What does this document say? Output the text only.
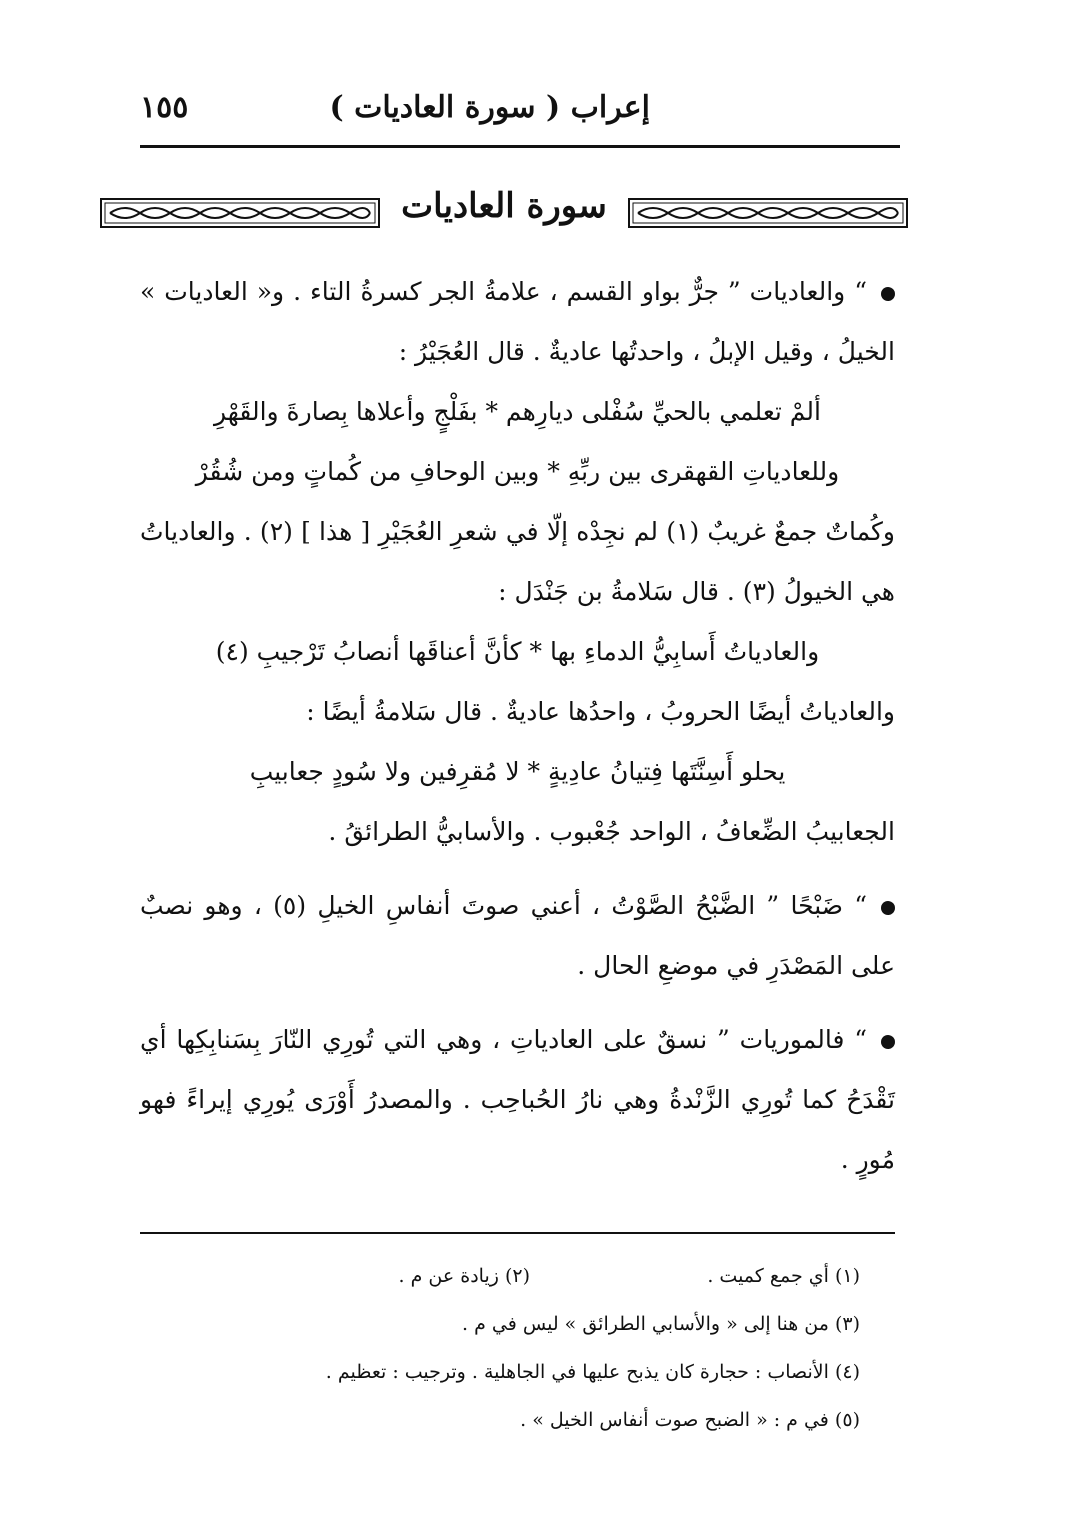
إعراب ( سورة العاديات )
١٥٥
سورة العاديات

“ والعاديات ” جرٌّ بواو القسم ، علامةُ الجر كسرةُ التاء . و« العاديات » الخيلُ ، وقيل الإبلُ ، واحدتُها عاديةٌ . قال العُجَيْرُ :

ألمْ تعلمي بالحيِّ سُفْلى ديارِهم * بفَلْجٍ وأعلاها بِصارةَ والقَهْرِ

وللعادياتِ القهقرى بين ربِّهِ * وبين الوحافِ من كُماتٍ ومن شُقُرْ

وكُماتٌ جمعٌ غريبٌ (١) لم نجِدْه إلّا في شعرِ العُجَيْرِ [ هذا ] (٢) . والعادياتُ هي الخيولُ (٣) . قال سَلامةُ بن جَنْدَل :

والعادياتُ أَسابِيُّ الدماءِ بها * كأنَّ أعناقَها أنصابُ تَرْجيبِ (٤)

والعادياتُ أيضًا الحروبُ ، واحدُها عاديةٌ . قال سَلامةُ أيضًا :

يحلو أَسِنَّتَها فِتيانُ عادِيةٍ * لا مُقرِفين ولا سُودٍ جعابيبِ

الجعابيبُ الضِّعافُ ، الواحد جُعْبوب . والأسابيُّ الطرائقُ .

“ ضَبْحًا ” الضَّبْحُ الصَّوْتُ ، أعني صوتَ أنفاسِ الخيلِ (٥) ، وهو نصبٌ على المَصْدَرِ في موضعِ الحال .

“ فالموريات ” نسقٌ على العادياتِ ، وهي التي تُورِي النّارَ بِسَنابِكِها أي تَقْدَحُ كما تُورِي الزَّنْدةُ وهي نارُ الحُباحِب . والمصدرُ أَوْرَى يُورِي إيراءً فهو مُورٍ .

(١) أي جمع كميت .
(٢) زيادة عن م .
(٣) من هنا إلى « والأسابي الطرائق » ليس في م .
(٤) الأنصاب : حجارة كان يذبح عليها في الجاهلية . وترجيب : تعظيم .
(٥) في م : « الضبح صوت أنفاس الخيل » .
